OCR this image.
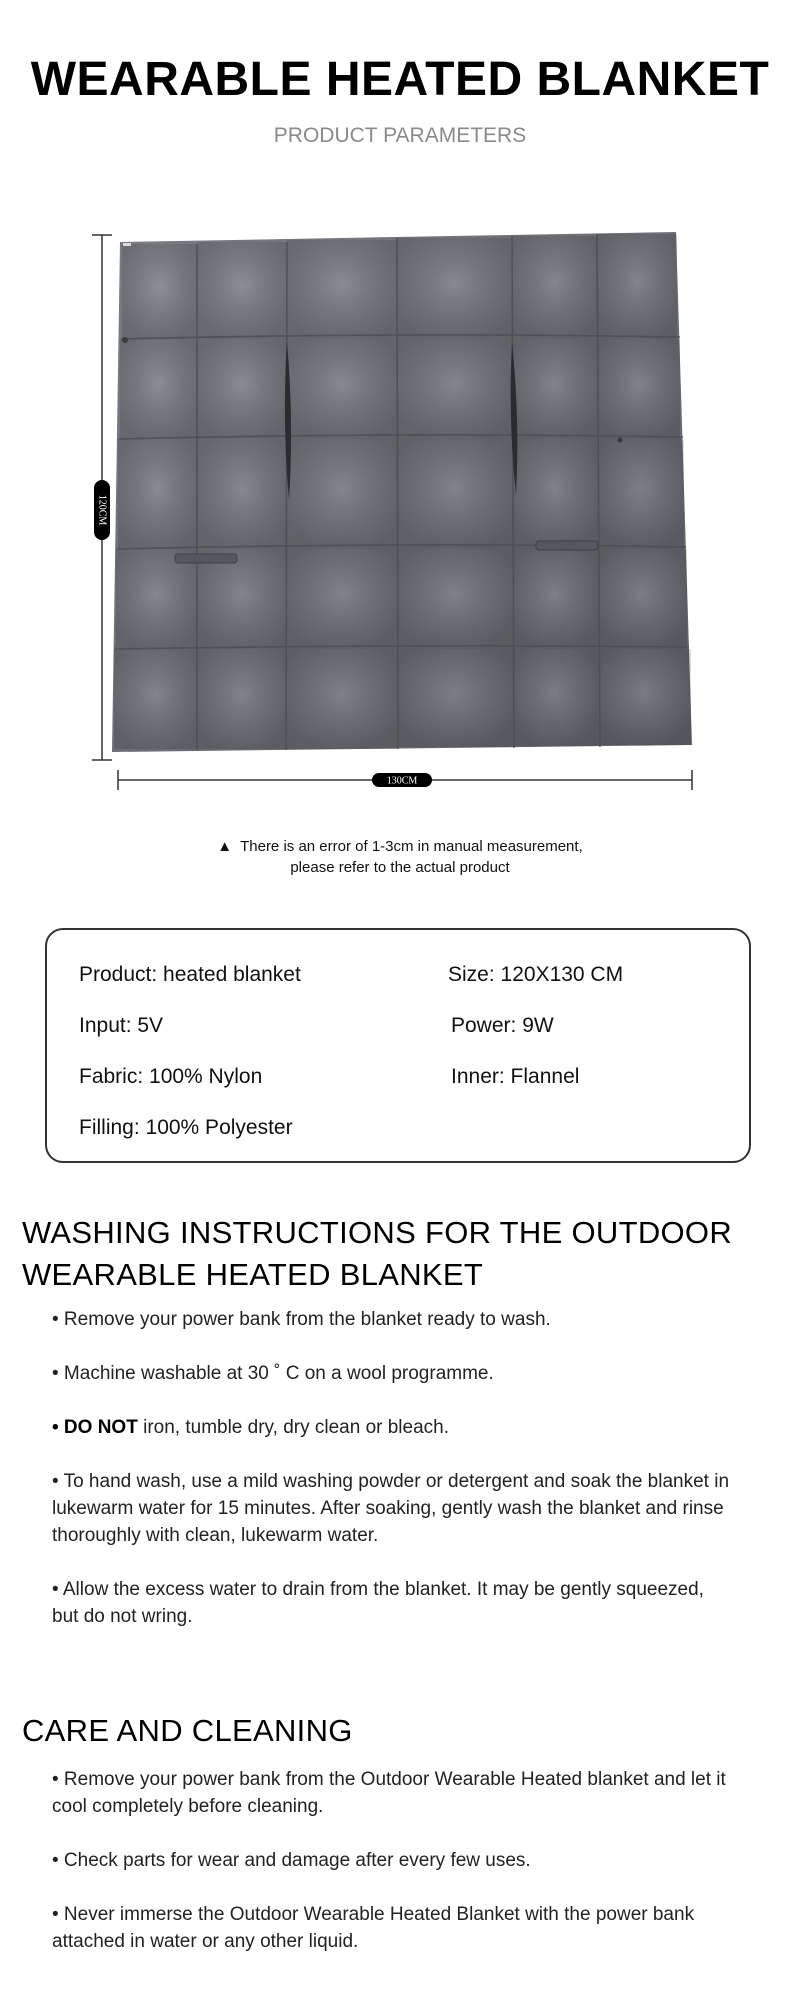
WEARABLE HEATED BLANKET
PRODUCT PARAMETERS
120CM
130CM
▲ There is an error of 1-3cm in manual measurement,
please refer to the actual product
Product: heated blanket	Size: 120X130 CM
Input: 5V	Power: 9W
Fabric: 100% Nylon	Inner: Flannel
Filling: 100% Polyester
WASHING INSTRUCTIONS FOR THE OUTDOOR WEARABLE HEATED BLANKET
• Remove your power bank from the blanket ready to wash.
• Machine washable at 30 ˚ C on a wool programme.
• DO NOT iron, tumble dry, dry clean or bleach.
• To hand wash, use a mild washing powder or detergent and soak the blanket in lukewarm water for 15 minutes. After soaking, gently wash the blanket and rinse thoroughly with clean, lukewarm water.
• Allow the excess water to drain from the blanket. It may be gently squeezed,
but do not wring.
CARE AND CLEANING
• Remove your power bank from the Outdoor Wearable Heated blanket and let it cool completely before cleaning.
• Check parts for wear and damage after every few uses.
• Never immerse the Outdoor Wearable Heated Blanket with the power bank attached in water or any other liquid.
